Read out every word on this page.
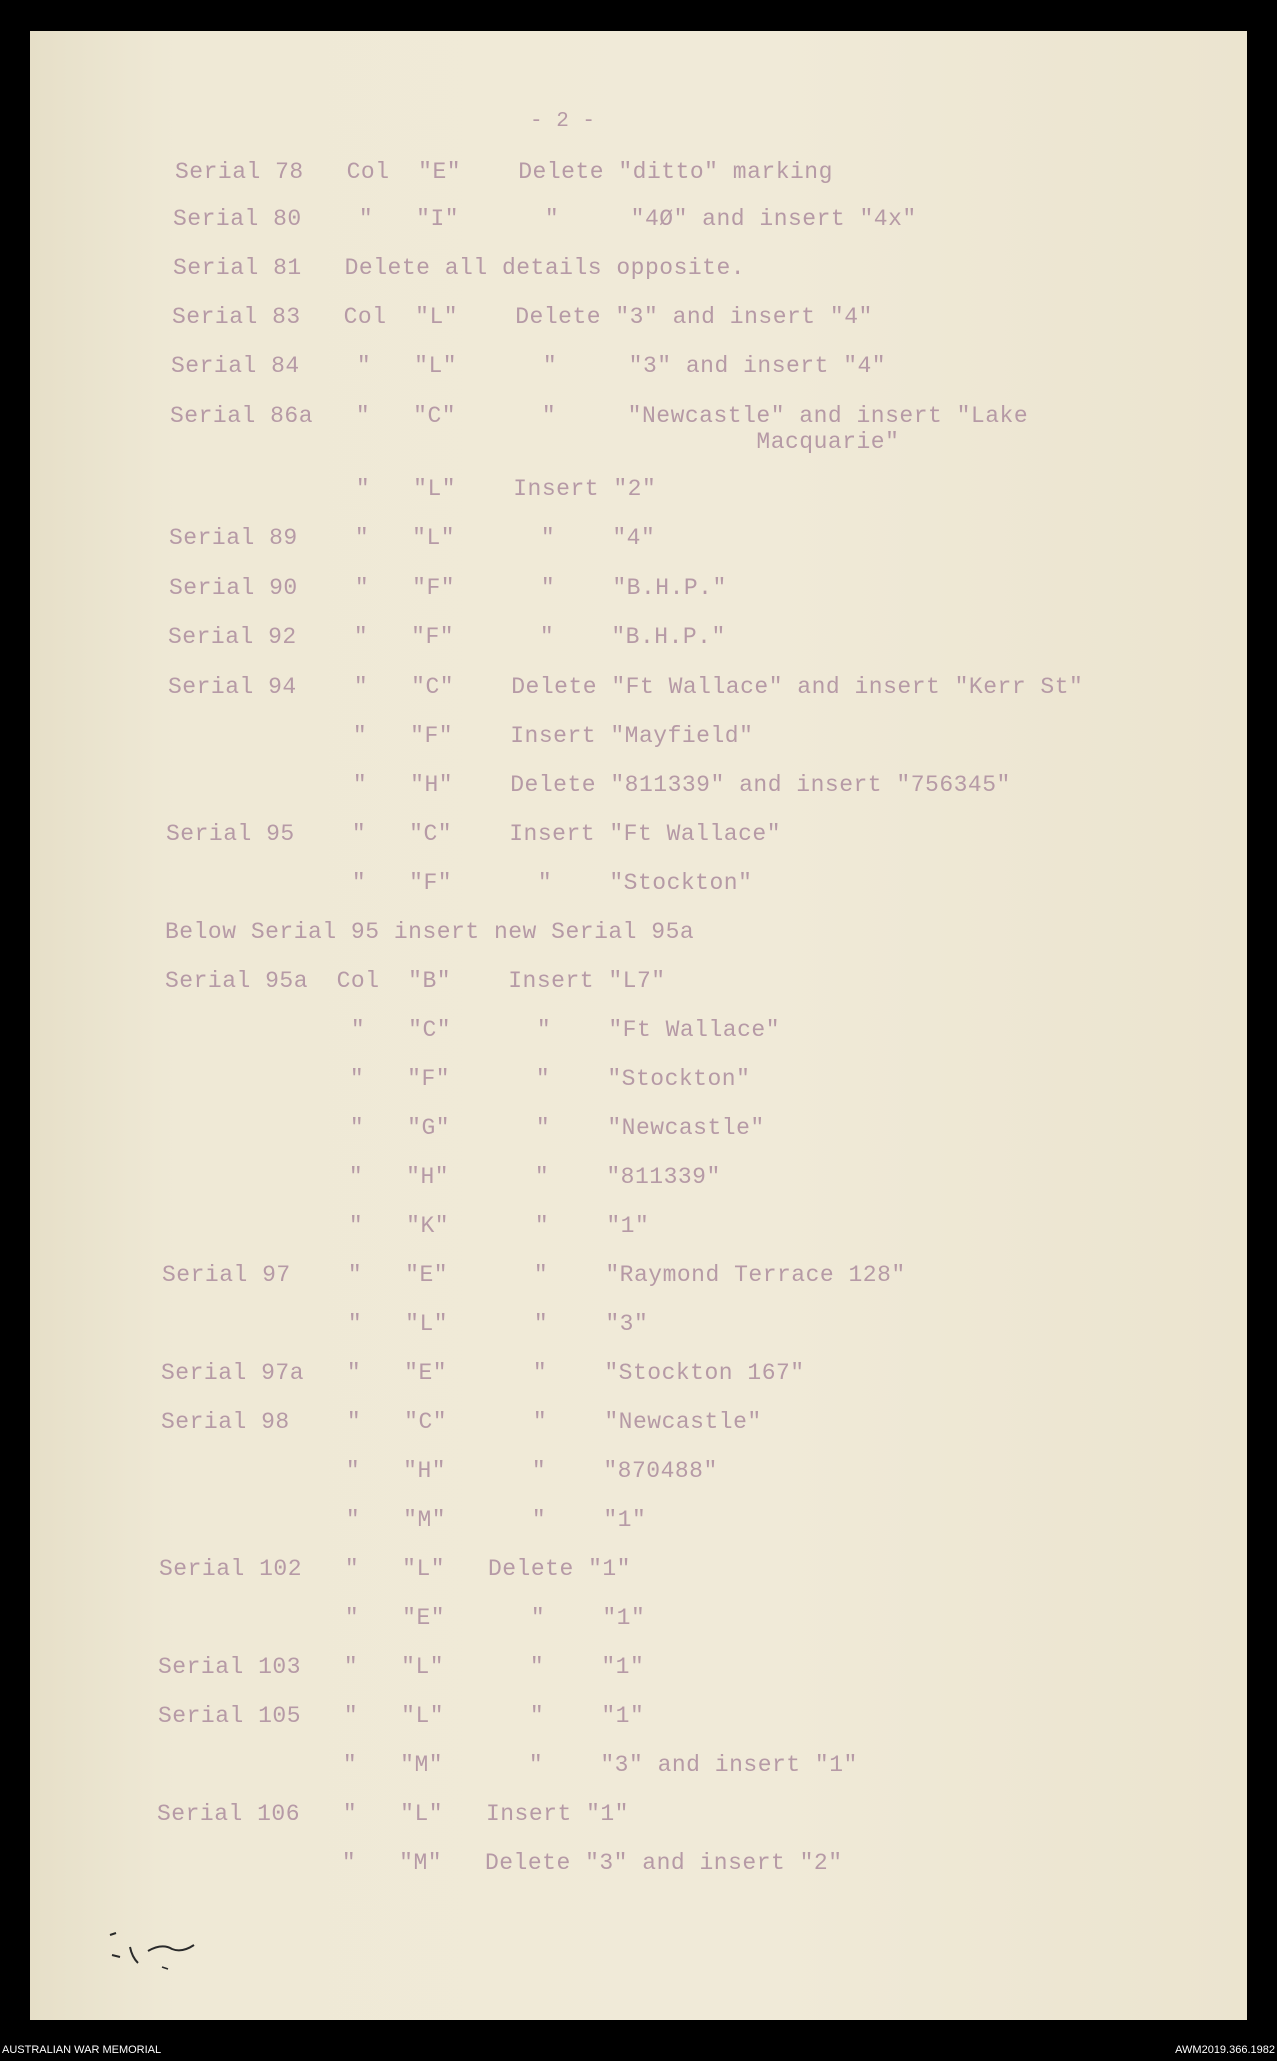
- 2 -
Serial 78   Col  "E"    Delete "ditto" marking
Serial 80    "   "I"      "     "4Ø" and insert "4x"
Serial 81   Delete all details opposite.
Serial 83   Col  "L"    Delete "3" and insert "4"
Serial 84    "   "L"      "     "3" and insert "4"
Serial 86a   "   "C"      "     "Newcastle" and insert "Lake
Macquarie"
"   "L"    Insert "2"
Serial 89    "   "L"      "    "4"
Serial 90    "   "F"      "    "B.H.P."
Serial 92    "   "F"      "    "B.H.P."
Serial 94    "   "C"    Delete "Ft Wallace" and insert "Kerr St"
"   "F"    Insert "Mayfield"
"   "H"    Delete "811339" and insert "756345"
Serial 95    "   "C"    Insert "Ft Wallace"
"   "F"      "    "Stockton"
Below Serial 95 insert new Serial 95a
Serial 95a  Col  "B"    Insert "L7"
"   "C"      "    "Ft Wallace"
"   "F"      "    "Stockton"
"   "G"      "    "Newcastle"
"   "H"      "    "811339"
"   "K"      "    "1"
Serial 97    "   "E"      "    "Raymond Terrace 128"
"   "L"      "    "3"
Serial 97a   "   "E"      "    "Stockton 167"
Serial 98    "   "C"      "    "Newcastle"
"   "H"      "    "870488"
"   "M"      "    "1"
Serial 102   "   "L"   Delete "1"
"   "E"      "    "1"
Serial 103   "   "L"      "    "1"
Serial 105   "   "L"      "    "1"
"   "M"      "    "3" and insert "1"
Serial 106   "   "L"   Insert "1"
"   "M"   Delete "3" and insert "2"
AUSTRALIAN WAR MEMORIAL	AWM2019.366.1982
